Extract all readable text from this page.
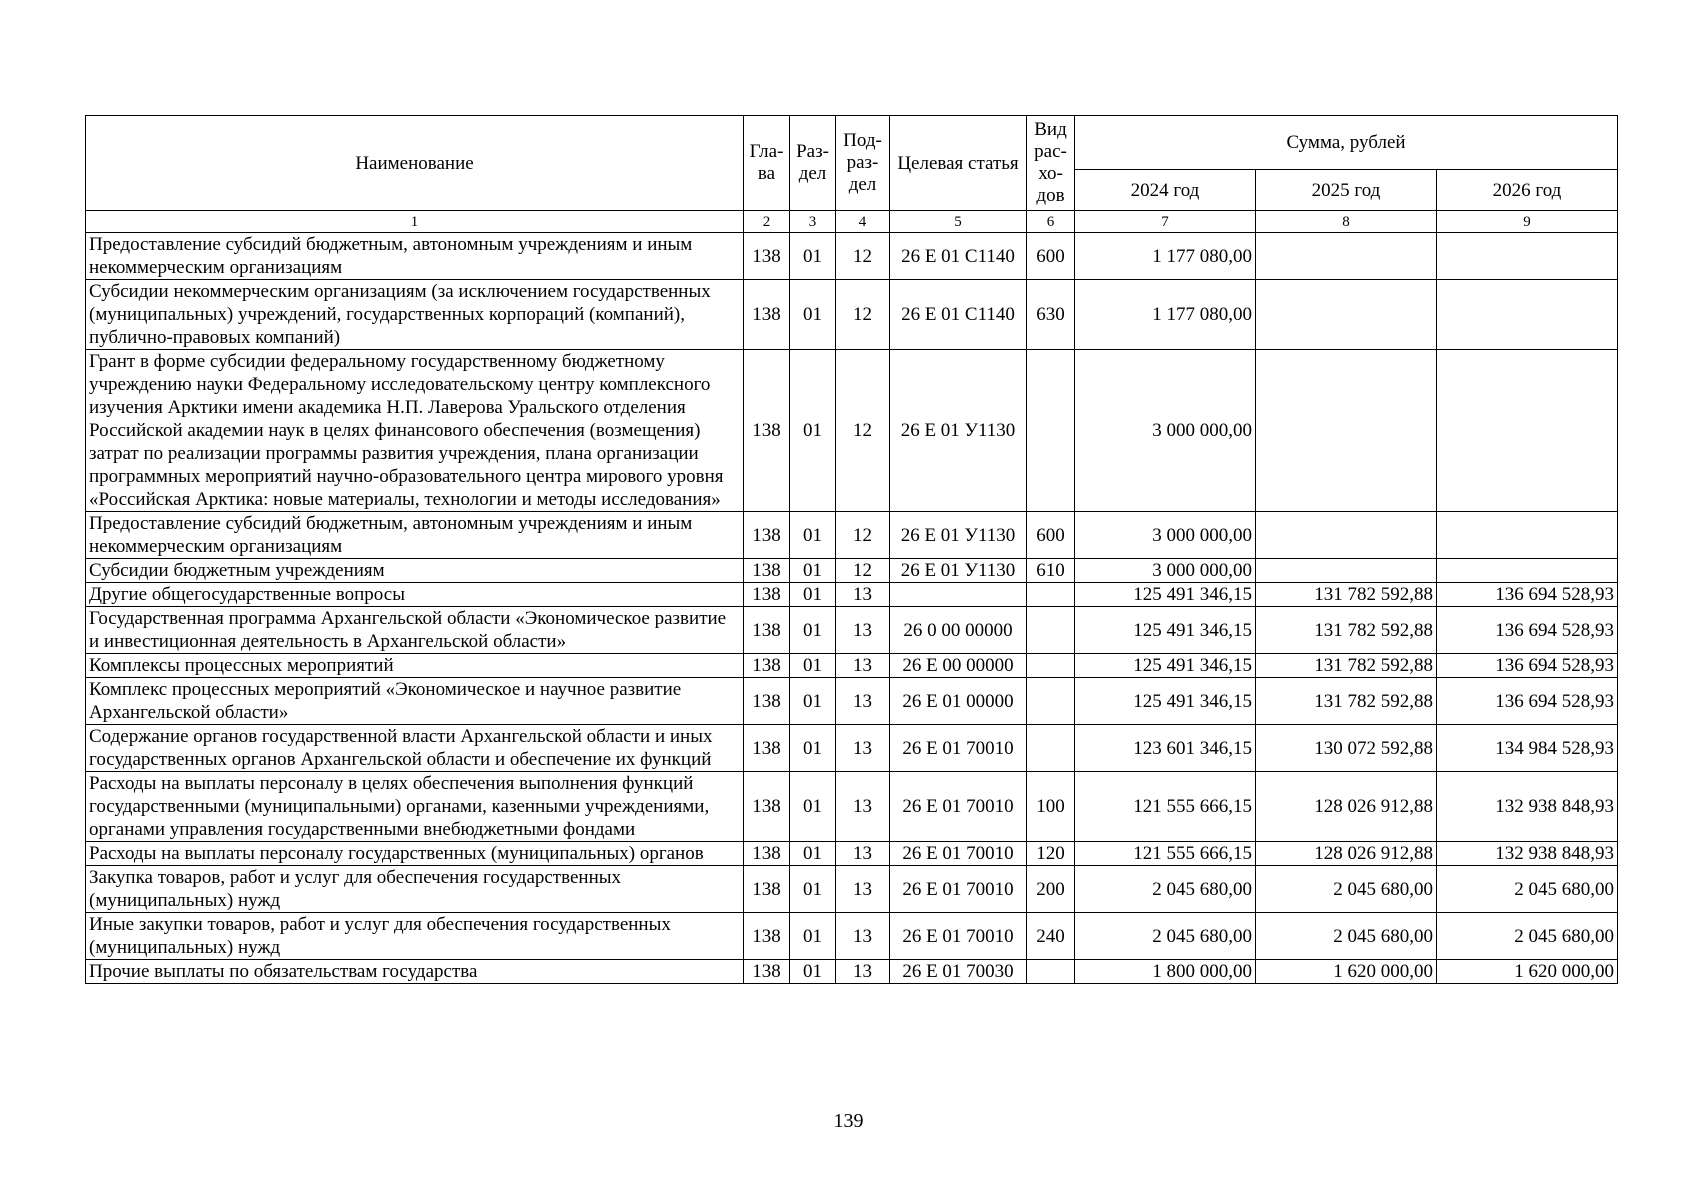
Наименование	Гла-ва	Раз-дел	Под-раз-дел	Целевая статья	Вид рас-хо-дов	Сумма, рублей		
						2024 год	2025 год	2026 год
1	2	3	4	5	6	7	8	9
Предоставление субсидий бюджетным, автономным учреждениям и иным некоммерческим организациям	138	01	12	26 Е 01 С1140	600	1 177 080,00		
Субсидии некоммерческим организациям (за исключением государственных (муниципальных) учреждений, государственных корпораций (компаний), публично-правовых компаний)	138	01	12	26 Е 01 С1140	630	1 177 080,00		
Грант в форме субсидии федеральному государственному бюджетному учреждению науки Федеральному исследовательскому центру комплексного изучения Арктики имени академика Н.П. Лаверова Уральского отделения Российской академии наук в целях финансового обеспечения (возмещения) затрат по реализации программы развития учреждения, плана организации программных мероприятий научно-образовательного центра мирового уровня «Российская Арктика: новые материалы, технологии и методы исследования»	138	01	12	26 Е 01 У1130		3 000 000,00		
Предоставление субсидий бюджетным, автономным учреждениям и иным некоммерческим организациям	138	01	12	26 Е 01 У1130	600	3 000 000,00		
Субсидии бюджетным учреждениям	138	01	12	26 Е 01 У1130	610	3 000 000,00		
Другие общегосударственные вопросы	138	01	13			125 491 346,15	131 782 592,88	136 694 528,93
Государственная программа Архангельской области «Экономическое развитие и инвестиционная деятельность в Архангельской области»	138	01	13	26 0 00 00000		125 491 346,15	131 782 592,88	136 694 528,93
Комплексы процессных мероприятий	138	01	13	26 Е 00 00000		125 491 346,15	131 782 592,88	136 694 528,93
Комплекс процессных мероприятий «Экономическое и научное развитие Архангельской области»	138	01	13	26 Е 01 00000		125 491 346,15	131 782 592,88	136 694 528,93
Содержание органов государственной власти Архангельской области и иных государственных органов Архангельской области и обеспечение их функций	138	01	13	26 Е 01 70010		123 601 346,15	130 072 592,88	134 984 528,93
Расходы на выплаты персоналу в целях обеспечения выполнения функций государственными (муниципальными) органами, казенными учреждениями, органами управления государственными внебюджетными фондами	138	01	13	26 Е 01 70010	100	121 555 666,15	128 026 912,88	132 938 848,93
Расходы на выплаты персоналу государственных (муниципальных) органов	138	01	13	26 Е 01 70010	120	121 555 666,15	128 026 912,88	132 938 848,93
Закупка товаров, работ и услуг для обеспечения государственных (муниципальных) нужд	138	01	13	26 Е 01 70010	200	2 045 680,00	2 045 680,00	2 045 680,00
Иные закупки товаров, работ и услуг для обеспечения государственных (муниципальных) нужд	138	01	13	26 Е 01 70010	240	2 045 680,00	2 045 680,00	2 045 680,00
Прочие выплаты по обязательствам государства	138	01	13	26 Е 01 70030		1 800 000,00	1 620 000,00	1 620 000,00
139
